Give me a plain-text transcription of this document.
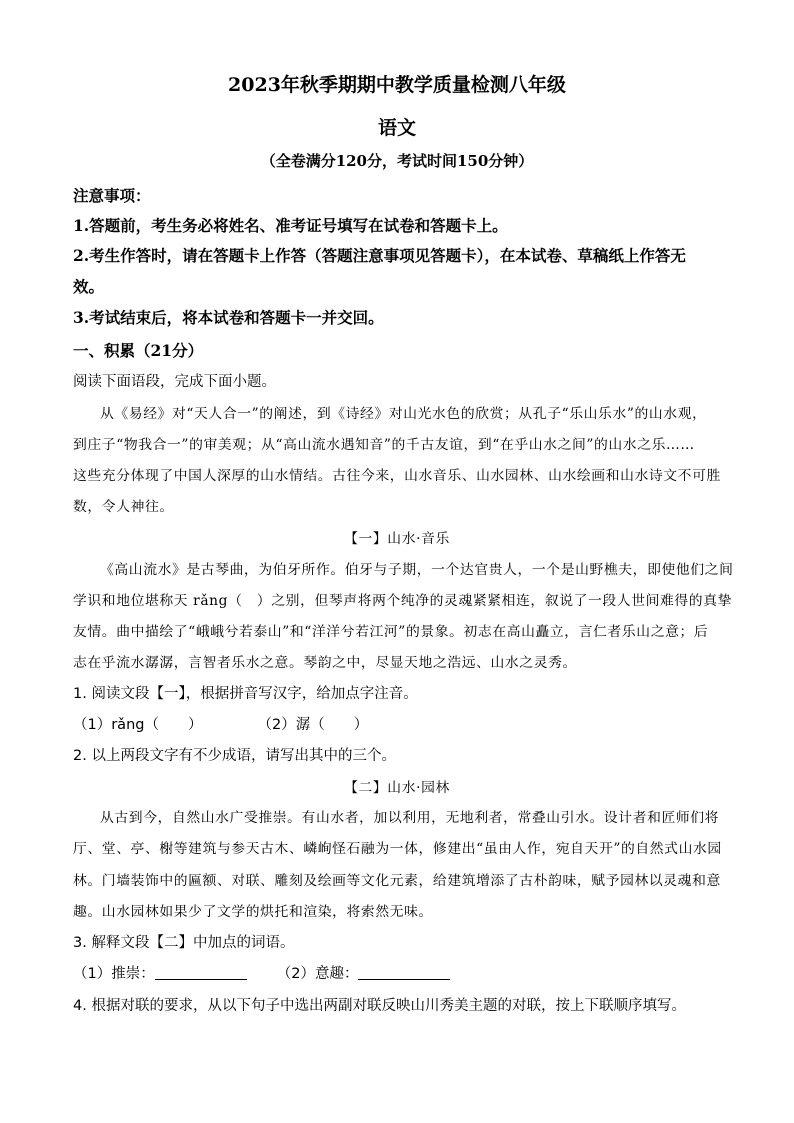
2023年秋季期期中教学质量检测八年级
语文
（全卷满分120分，考试时间150分钟）
注意事项：
1.答题前，考生务必将姓名、准考证号填写在试卷和答题卡上。
2.考生作答时，请在答题卡上作答（答题注意事项见答题卡），在本试卷、草稿纸上作答无
效。
3.考试结束后，将本试卷和答题卡一并交回。
一、积累（21分）
阅读下面语段，完成下面小题。
从《易经》对“天人合一”的阐述，到《诗经》对山光水色的欣赏；从孔子“乐山乐水”的山水观，
到庄子“物我合一”的审美观；从“高山流水遇知音”的千古友谊，到“在乎山水之间”的山水之乐……
这些充分体现了中国人深厚的山水情结。古往今来，山水音乐、山水园林、山水绘画和山水诗文不可胜
数，令人神往。
【一】山水·音乐
《高山流水》是古琴曲，为伯牙所作。伯牙与子期，一个达官贵人，一个是山野樵夫，即使他们之间
学识和地位堪称天 rǎng（　）之别，但琴声将两个纯净的灵魂紧紧相连，叙说了一段人世间难得的真挚
友情。曲中描绘了“峨峨兮若泰山”和“洋洋兮若江河”的景象。初志在高山矗立，言仁者乐山之意；后
志在乎流水潺潺，言智者乐水之意。琴韵之中，尽显天地之浩远、山水之灵秀。
1. 阅读文段【一】，根据拼音写汉字，给加点字注音。
（1）rǎng（　　）	（2）潺（　　）
2. 以上两段文字有不少成语，请写出其中的三个。
【二】山水·园林
从古到今，自然山水广受推崇。有山水者，加以利用，无地利者，常叠山引水。设计者和匠师们将
厅、堂、亭、榭等建筑与参天古木、嶙峋怪石融为一体，修建出“虽由人作，宛自天开”的自然式山水园
林。门墙装饰中的匾额、对联、雕刻及绘画等文化元素，给建筑增添了古朴韵味，赋予园林以灵魂和意
趣。山水园林如果少了文学的烘托和渲染，将索然无味。
3. 解释文段【二】中加点的词语。
（1）推崇：	（2）意趣：
4. 根据对联的要求，从以下句子中选出两副对联反映山川秀美主题的对联，按上下联顺序填写。
